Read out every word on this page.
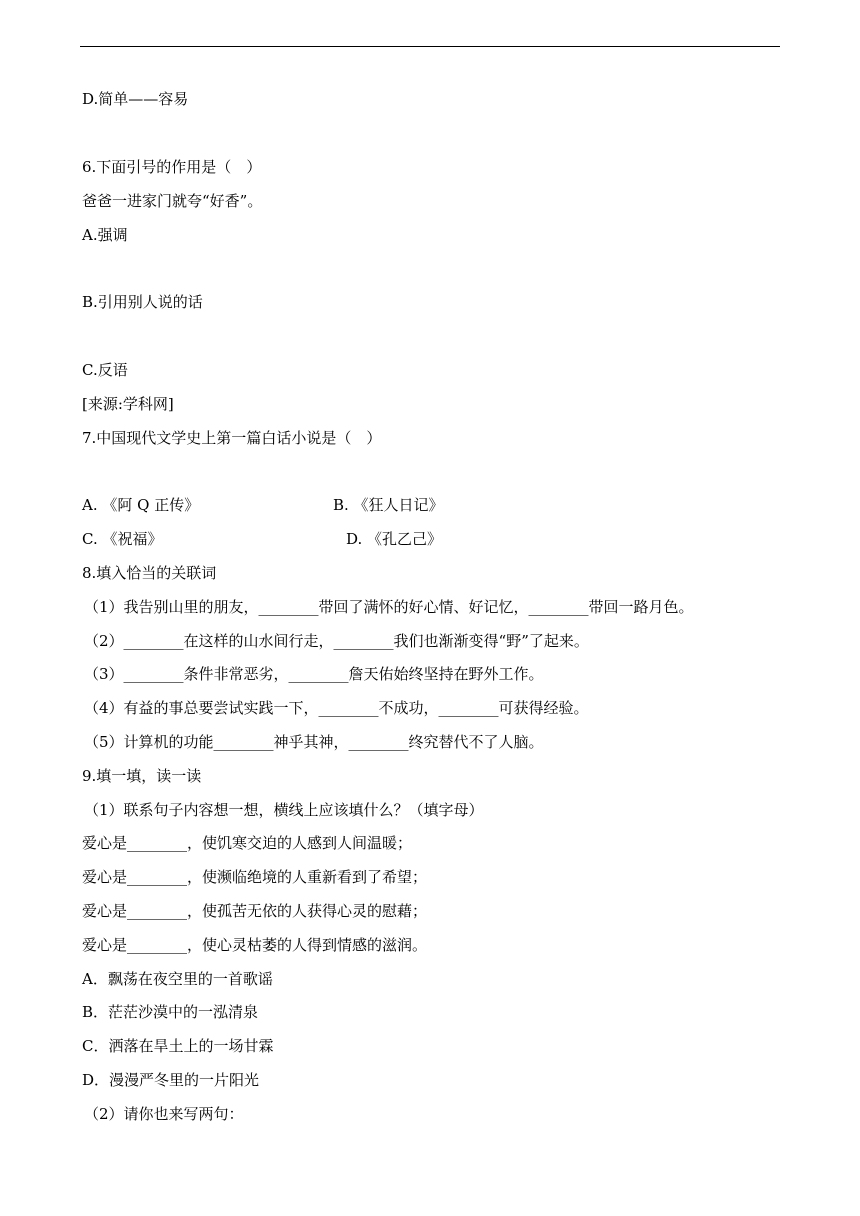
D.简单——容易
6.下面引号的作用是（　）
爸爸一进家门就夸“好香”。
A.强调
B.引用别人说的话
C.反语
[来源:学科网]
7.中国现代文学史上第一篇白话小说是（　）
A. 《阿 Q 正传》	B. 《狂人日记》
C. 《祝福》	D. 《孔乙己》
8.填入恰当的关联词
（1）我告别山里的朋友，________带回了满怀的好心情、好记忆，________带回一路月色。
（2）________在这样的山水间行走，________我们也渐渐变得“野”了起来。
（3）________条件非常恶劣，________詹天佑始终坚持在野外工作。
（4）有益的事总要尝试实践一下，________不成功，________可获得经验。
（5）计算机的功能________神乎其神，________终究替代不了人脑。
9.填一填，读一读
（1）联系句子内容想一想，横线上应该填什么？（填字母）
爱心是________，使饥寒交迫的人感到人间温暖；
爱心是________，使濒临绝境的人重新看到了希望；
爱心是________，使孤苦无依的人获得心灵的慰藉；
爱心是________，使心灵枯萎的人得到情感的滋润。
A．飘荡在夜空里的一首歌谣
B．茫茫沙漠中的一泓清泉
C．洒落在旱土上的一场甘霖
D．漫漫严冬里的一片阳光
（2）请你也来写两句：
